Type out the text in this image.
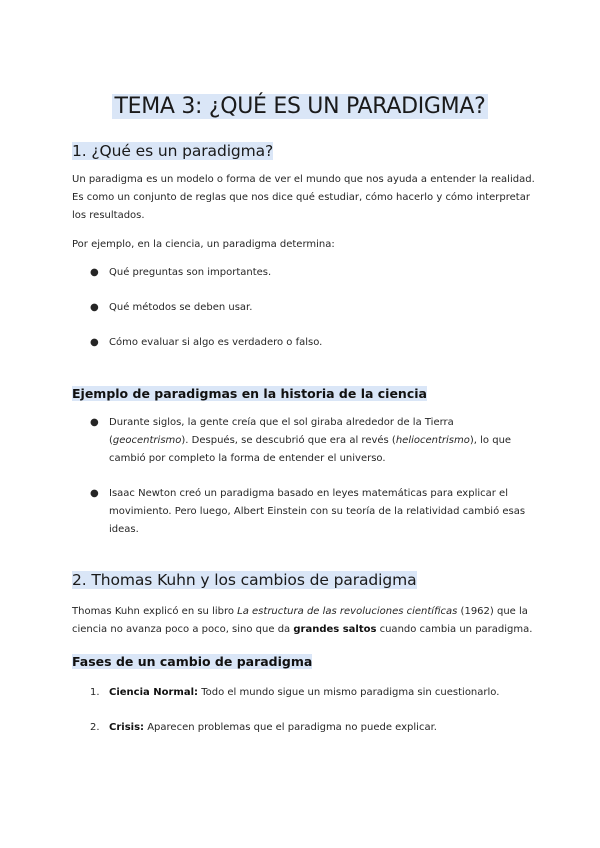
TEMA 3: ¿QUÉ ES UN PARADIGMA?
1. ¿Qué es un paradigma?
Un paradigma es un modelo o forma de ver el mundo que nos ayuda a entender la realidad.
Es como un conjunto de reglas que nos dice qué estudiar, cómo hacerlo y cómo interpretar
los resultados.
Por ejemplo, en la ciencia, un paradigma determina:
● Qué preguntas son importantes.
● Qué métodos se deben usar.
● Cómo evaluar si algo es verdadero o falso.
Ejemplo de paradigmas en la historia de la ciencia
● Durante siglos, la gente creía que el sol giraba alrededor de la Tierra
(geocentrismo). Después, se descubrió que era al revés (heliocentrismo), lo que
cambió por completo la forma de entender el universo.
● Isaac Newton creó un paradigma basado en leyes matemáticas para explicar el
movimiento. Pero luego, Albert Einstein con su teoría de la relatividad cambió esas
ideas.
2. Thomas Kuhn y los cambios de paradigma
Thomas Kuhn explicó en su libro La estructura de las revoluciones científicas (1962) que la
ciencia no avanza poco a poco, sino que da grandes saltos cuando cambia un paradigma.
Fases de un cambio de paradigma
1. Ciencia Normal: Todo el mundo sigue un mismo paradigma sin cuestionarlo.
2. Crisis: Aparecen problemas que el paradigma no puede explicar.
